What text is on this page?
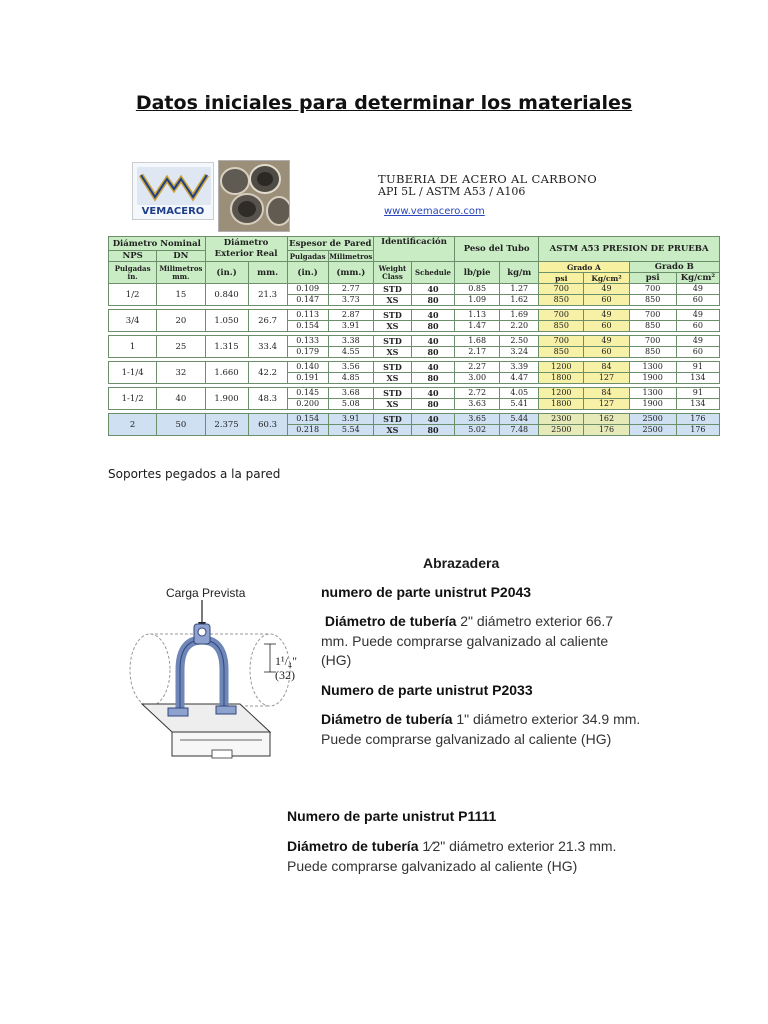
Datos iniciales para determinar los materiales
VEMACERO
TUBERIA DE ACERO AL CARBONO
API 5L / ASTM A53 / A106
www.vemacero.com
Diámetro Nominal		Diámetro Exterior Real		Espesor de Pared		Identificación		Peso del Tubo		ASTM A53 PRESION DE PRUEBA			
NPS	DN			Pulgadas	Milimetros								
Pulgadas in.	Milimetros mm.	(in.)	mm.	(in.)	(mm.)	Weight Class	Schedule	lb/pie	kg/m	Grado A		Grado B	
										psi	Kg/cm²	psi	Kg/cm²
1/2	15	0.840	21.3	0.109	2.77	STD	40	0.85	1.27	700	49	700	49
				0.147	3.73	XS	80	1.09	1.62	850	60	850	60

3/4	20	1.050	26.7	0.113	2.87	STD	40	1.13	1.69	700	49	700	49
				0.154	3.91	XS	80	1.47	2.20	850	60	850	60

1	25	1.315	33.4	0.133	3.38	STD	40	1.68	2.50	700	49	700	49
				0.179	4.55	XS	80	2.17	3.24	850	60	850	60

1-1/4	32	1.660	42.2	0.140	3.56	STD	40	2.27	3.39	1200	84	1300	91
				0.191	4.85	XS	80	3.00	4.47	1800	127	1900	134

1-1/2	40	1.900	48.3	0.145	3.68	STD	40	2.72	4.05	1200	84	1300	91
				0.200	5.08	XS	80	3.63	5.41	1800	127	1900	134

2	50	2.375	60.3	0.154	3.91	STD	40	3.65	5.44	2300	162	2500	176
				0.218	5.54	XS	80	5.02	7.48	2500	176	2500	176
Soportes pegados a la pared
Carga Prevista
1¹/₄"
(32)
Abrazadera
numero de parte unistrut P2043
Diámetro de tubería 2" diámetro exterior 66.7 mm. Puede comprarse galvanizado al caliente (HG)
Numero de parte unistrut P2033
Diámetro de tubería 1" diámetro exterior 34.9 mm. Puede comprarse galvanizado al caliente (HG)
Numero de parte unistrut P1111
Diámetro de tubería 1⁄2" diámetro exterior 21.3 mm. Puede comprarse galvanizado al caliente (HG)
